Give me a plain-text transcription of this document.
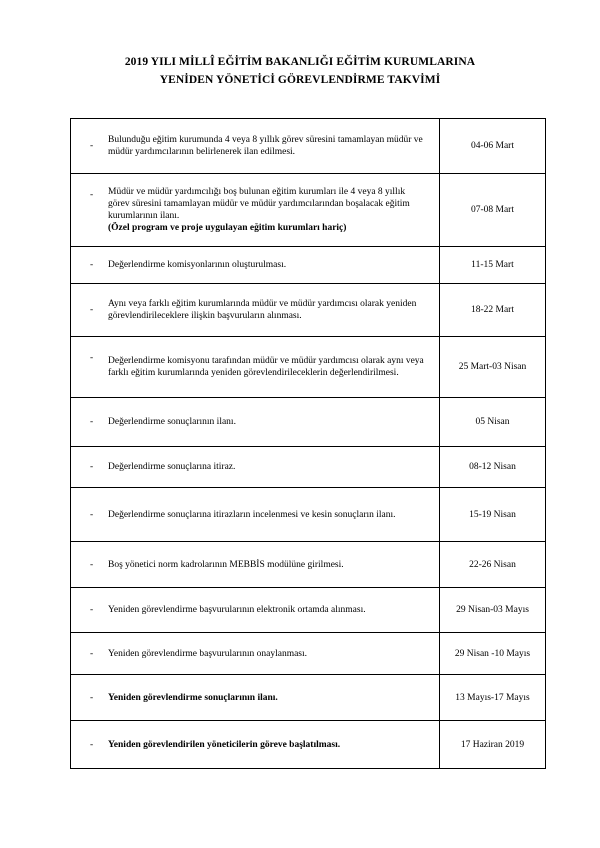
2019 YILI MİLLÎ EĞİTİM BAKANLIĞI EĞİTİM KURUMLARINA
YENİDEN YÖNETİCİ GÖREVLENDİRME TAKVİMİ
-
Bulunduğu eğitim kurumunda 4 veya 8 yıllık görev süresini tamamlayan müdür ve müdür yardımcılarının belirlenerek ilan edilmesi.	04-06 Mart

- Müdür ve müdür yardımcılığı boş bulunan eğitim kurumları ile 4 veya 8 yıllık görev süresini tamamlayan müdür ve müdür yardımcılarından boşalacak eğitim kurumlarının ilanı.
(Özel program ve proje uygulayan eğitim kurumları hariç)	07-08 Mart

- Değerlendirme komisyonlarının oluşturulması.	11-15 Mart

-
Aynı veya farklı eğitim kurumlarında müdür ve müdür yardımcısı olarak yeniden görevlendirileceklere ilişkin başvuruların alınması.	18-22 Mart

- Değerlendirme komisyonu tarafından müdür ve müdür yardımcısı olarak aynı veya farklı eğitim kurumlarında yeniden görevlendirileceklerin değerlendirilmesi.	25 Mart-03 Nisan

- Değerlendirme sonuçlarının ilanı.	05 Nisan

- Değerlendirme sonuçlarına itiraz.	08-12 Nisan

- Değerlendirme sonuçlarına itirazların incelenmesi ve kesin sonuçların ilanı.	15-19 Nisan

- Boş yönetici norm kadrolarının MEBBİS modülüne girilmesi.	22-26 Nisan

- Yeniden görevlendirme başvurularının elektronik ortamda alınması.	29 Nisan-03 Mayıs

- Yeniden görevlendirme başvurularının onaylanması.	29 Nisan -10 Mayıs

- Yeniden görevlendirme sonuçlarının ilanı.	13 Mayıs-17 Mayıs

- Yeniden görevlendirilen yöneticilerin göreve başlatılması.	17 Haziran 2019
